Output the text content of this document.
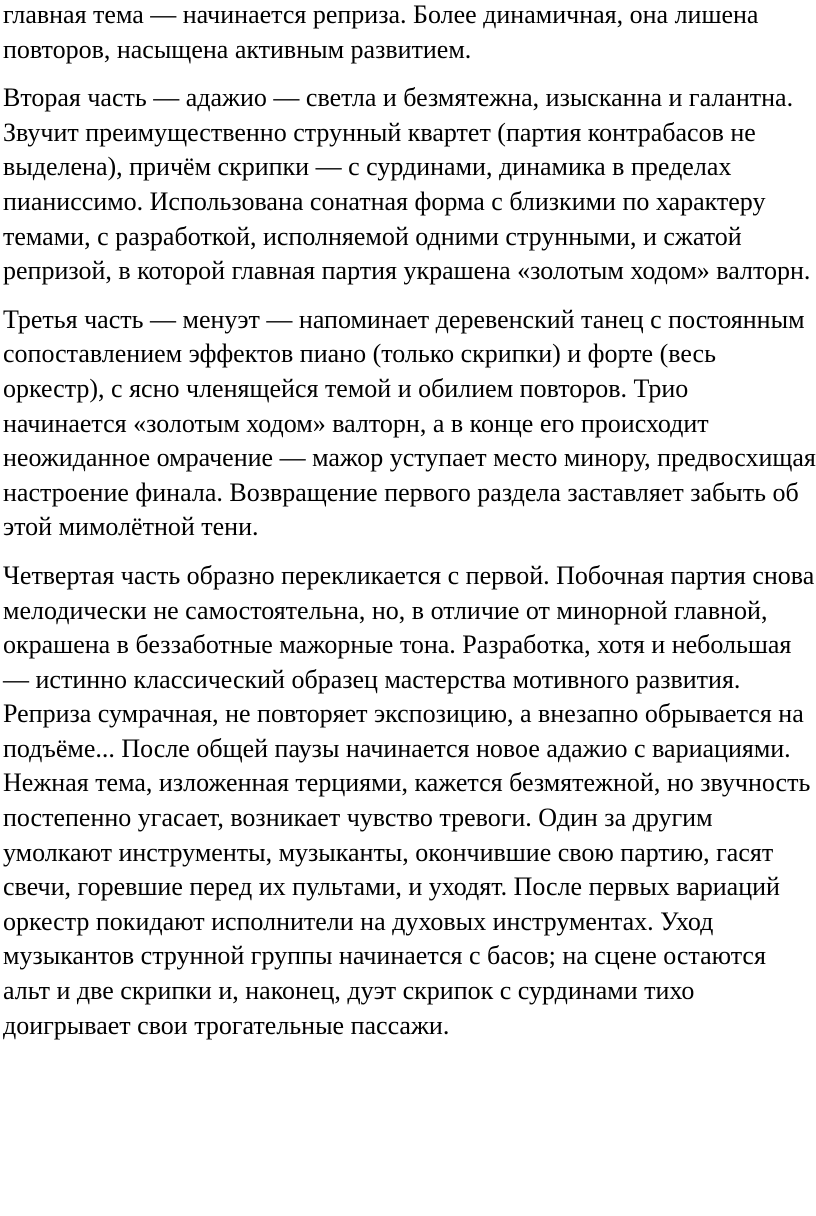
главная тема — начинается реприза. Более динамичная, она лишена повторов, насыщена активным развитием.

Вторая часть — адажио — светла и безмятежна, изысканна и галантна. Звучит преимущественно струнный квартет (партия контрабасов не выделена), причём скрипки — с сурдинами, динамика в пределах пианиссимо. Использована сонатная форма с близкими по характеру темами, с разработкой, исполняемой одними струнными, и сжатой репризой, в которой главная партия украшена «золотым ходом» валторн.

Третья часть — менуэт — напоминает деревенский танец с постоянным сопоставлением эффектов пиано (только скрипки) и форте (весь оркестр), с ясно членящейся темой и обилием повторов. Трио начинается «золотым ходом» валторн, а в конце его происходит неожиданное омрачение — мажор уступает место минору, предвосхищая настроение финала. Возвращение первого раздела заставляет забыть об этой мимолётной тени.

Четвертая часть образно перекликается с первой. Побочная партия снова мелодически не самостоятельна, но, в отличие от минорной главной, окрашена в беззаботные мажорные тона. Разработка, хотя и небольшая — истинно классический образец мастерства мотивного развития. Реприза сумрачная, не повторяет экспозицию, а внезапно обрывается на подъёме... После общей паузы начинается новое адажио с вариациями. Нежная тема, изложенная терциями, кажется безмятежной, но звучность постепенно угасает, возникает чувство тревоги. Один за другим умолкают инструменты, музыканты, окончившие свою партию, гасят свечи, горевшие перед их пультами, и уходят. После первых вариаций оркестр покидают исполнители на духовых инструментах. Уход музыкантов струнной группы начинается с басов; на сцене остаются альт и две скрипки и, наконец, дуэт скрипок с сурдинами тихо доигрывает свои трогательные пассажи.
